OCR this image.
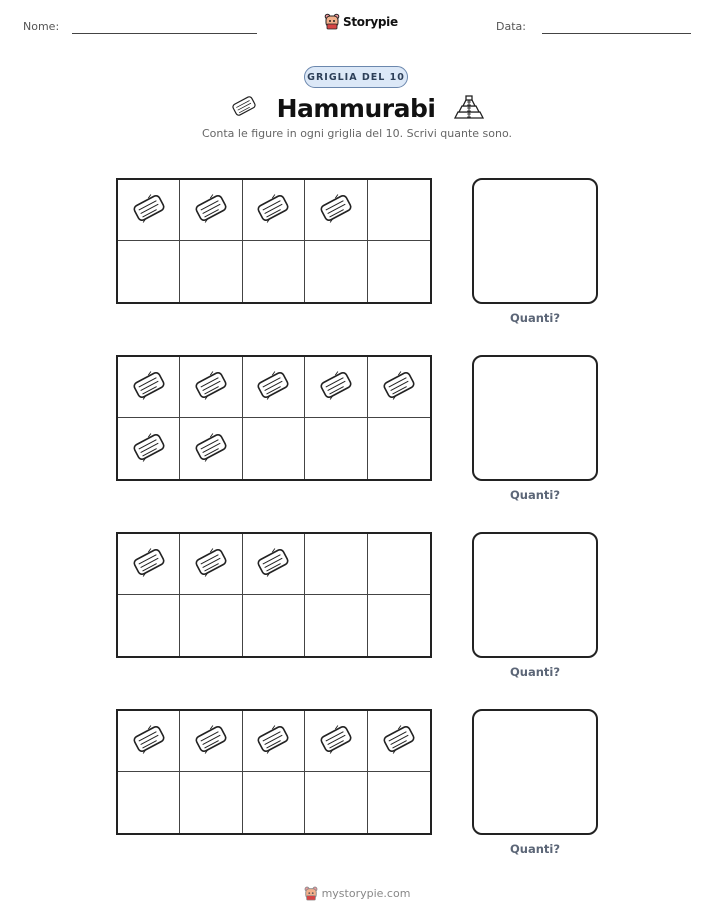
Nome:	Storypie	Data:
GRIGLIA DEL 10
Hammurabi
Conta le figure in ogni griglia del 10. Scrivi quante sono.
Quanti?
Quanti?
Quanti?
Quanti?
mystorypie.com
